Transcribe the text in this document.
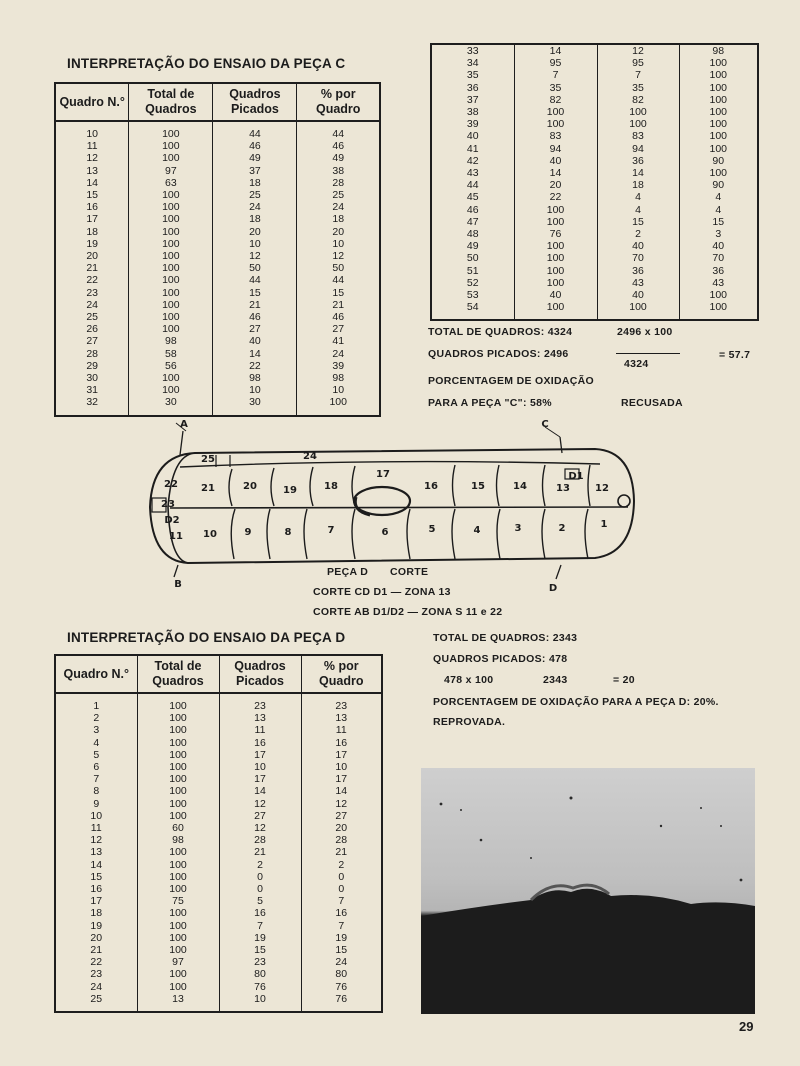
INTERPRETAÇÃO DO ENSAIO DA PEÇA C
Quadro N.°	Total de Quadros	Quadros Picados	% por Quadro

10	100	44	44
11	100	46	46
12	100	49	49
13	97	37	38
14	63	18	28
15	100	25	25
16	100	24	24
17	100	18	18
18	100	20	20
19	100	10	10
20	100	12	12
21	100	50	50
22	100	44	44
23	100	15	15
24	100	21	21
25	100	46	46
26	100	27	27
27	98	40	41
28	58	14	24
29	56	22	39
30	100	98	98
31	100	10	10
32	30	30	100

33	14	12	98
34	95	95	100
35	7	7	100
36	35	35	100
37	82	82	100
38	100	100	100
39	100	100	100
40	83	83	100
41	94	94	100
42	40	36	90
43	14	14	100
44	20	18	90
45	22	4	4
46	100	4	4
47	100	15	15
48	76	2	3
49	100	40	40
50	100	70	70
51	100	36	36
52	100	43	43
53	40	40	100
54	100	100	100

TOTAL DE QUADROS: 4324
QUADROS PICADOS: 2496
2496 x 100
4324
= 57.7
PORCENTAGEM DE OXIDAÇÃO
PARA A PEÇA "C": 58%	RECUSADA
25	24
21	20	19	18
17
16	15	14	13
D1
12
10	9	8	7	6	5	4	3	2	1
22
23
D2
11
A
B
C
D
PEÇA D CORTE
CORTE CD D1 — ZONA 13
CORTE AB D1/D2 — ZONA S 11 e 22
INTERPRETAÇÃO DO ENSAIO DA PEÇA D
Quadro N.°	Total de Quadros	Quadros Picados	% por Quadro

1	100	23	23
2	100	13	13
3	100	11	11
4	100	16	16
5	100	17	17
6	100	10	10
7	100	17	17
8	100	14	14
9	100	12	12
10	100	27	27
11	60	12	20
12	98	28	28
13	100	21	21
14	100	2	2
15	100	0	0
16	100	0	0
17	75	5	7
18	100	16	16
19	100	7	7
20	100	19	19
21	100	15	15
22	97	23	24
23	100	80	80
24	100	76	76
25	13	10	76

TOTAL DE QUADROS: 2343
QUADROS PICADOS: 478
478 x 100	2343	= 20
PORCENTAGEM DE OXIDAÇÃO PARA A PEÇA D: 20%.
REPROVADA.
29
